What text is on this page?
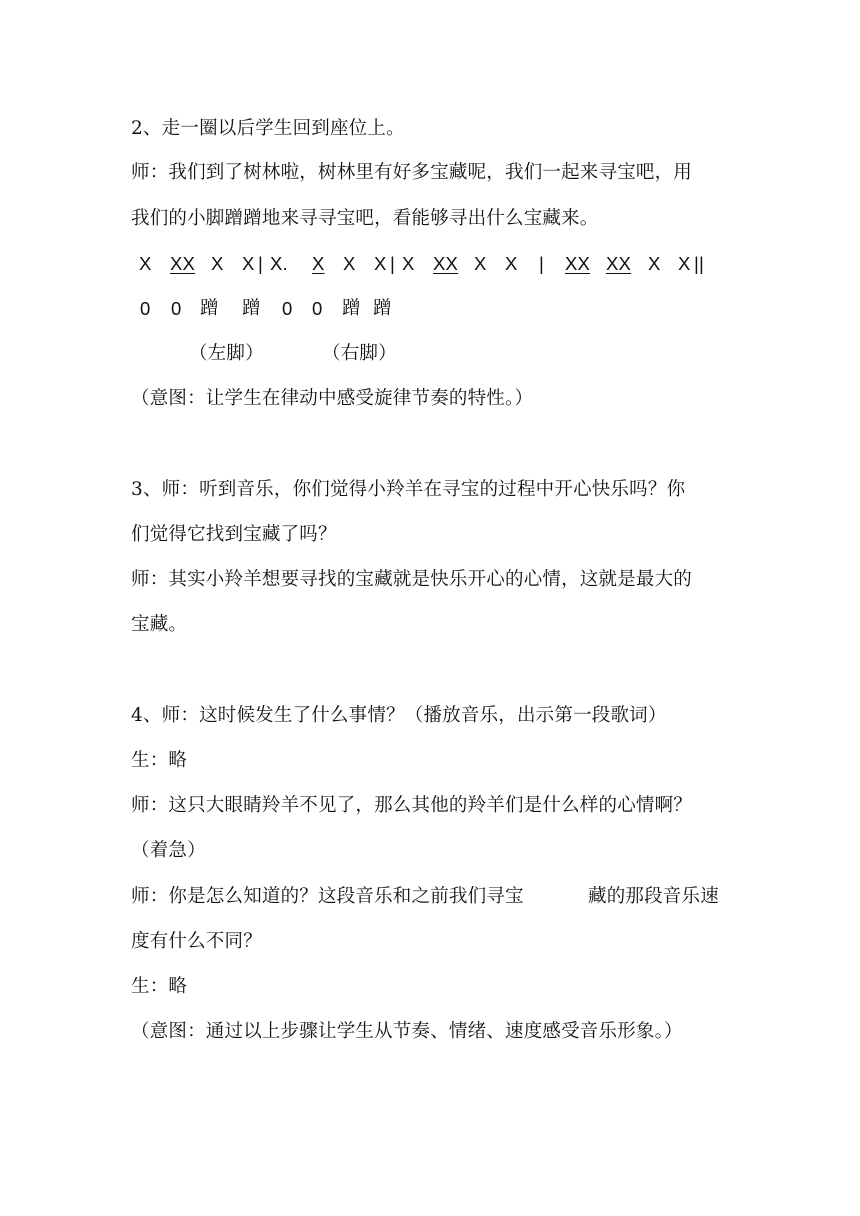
2、走一圈以后学生回到座位上。
师：我们到了树林啦，树林里有好多宝藏呢，我们一起来寻宝吧，用
我们的小脚蹭蹭地来寻寻宝吧，看能够寻出什么宝藏来。
X XX X X | X. X X X | X XX X X | XX XX X X ||
0 0 蹭 蹭 0 0 蹭 蹭
（左脚）	（右脚）
（意图：让学生在律动中感受旋律节奏的特性。）
3、师：听到音乐，你们觉得小羚羊在寻宝的过程中开心快乐吗？你
们觉得它找到宝藏了吗？
师：其实小羚羊想要寻找的宝藏就是快乐开心的心情，这就是最大的
宝藏。
4、师：这时候发生了什么事情？（播放音乐，出示第一段歌词）
生：略
师：这只大眼睛羚羊不见了，那么其他的羚羊们是什么样的心情啊？
（着急）
师：你是怎么知道的？这段音乐和之前我们寻宝	藏的那段音乐速
度有什么不同？
生：略
（意图：通过以上步骤让学生从节奏、情绪、速度感受音乐形象。）
